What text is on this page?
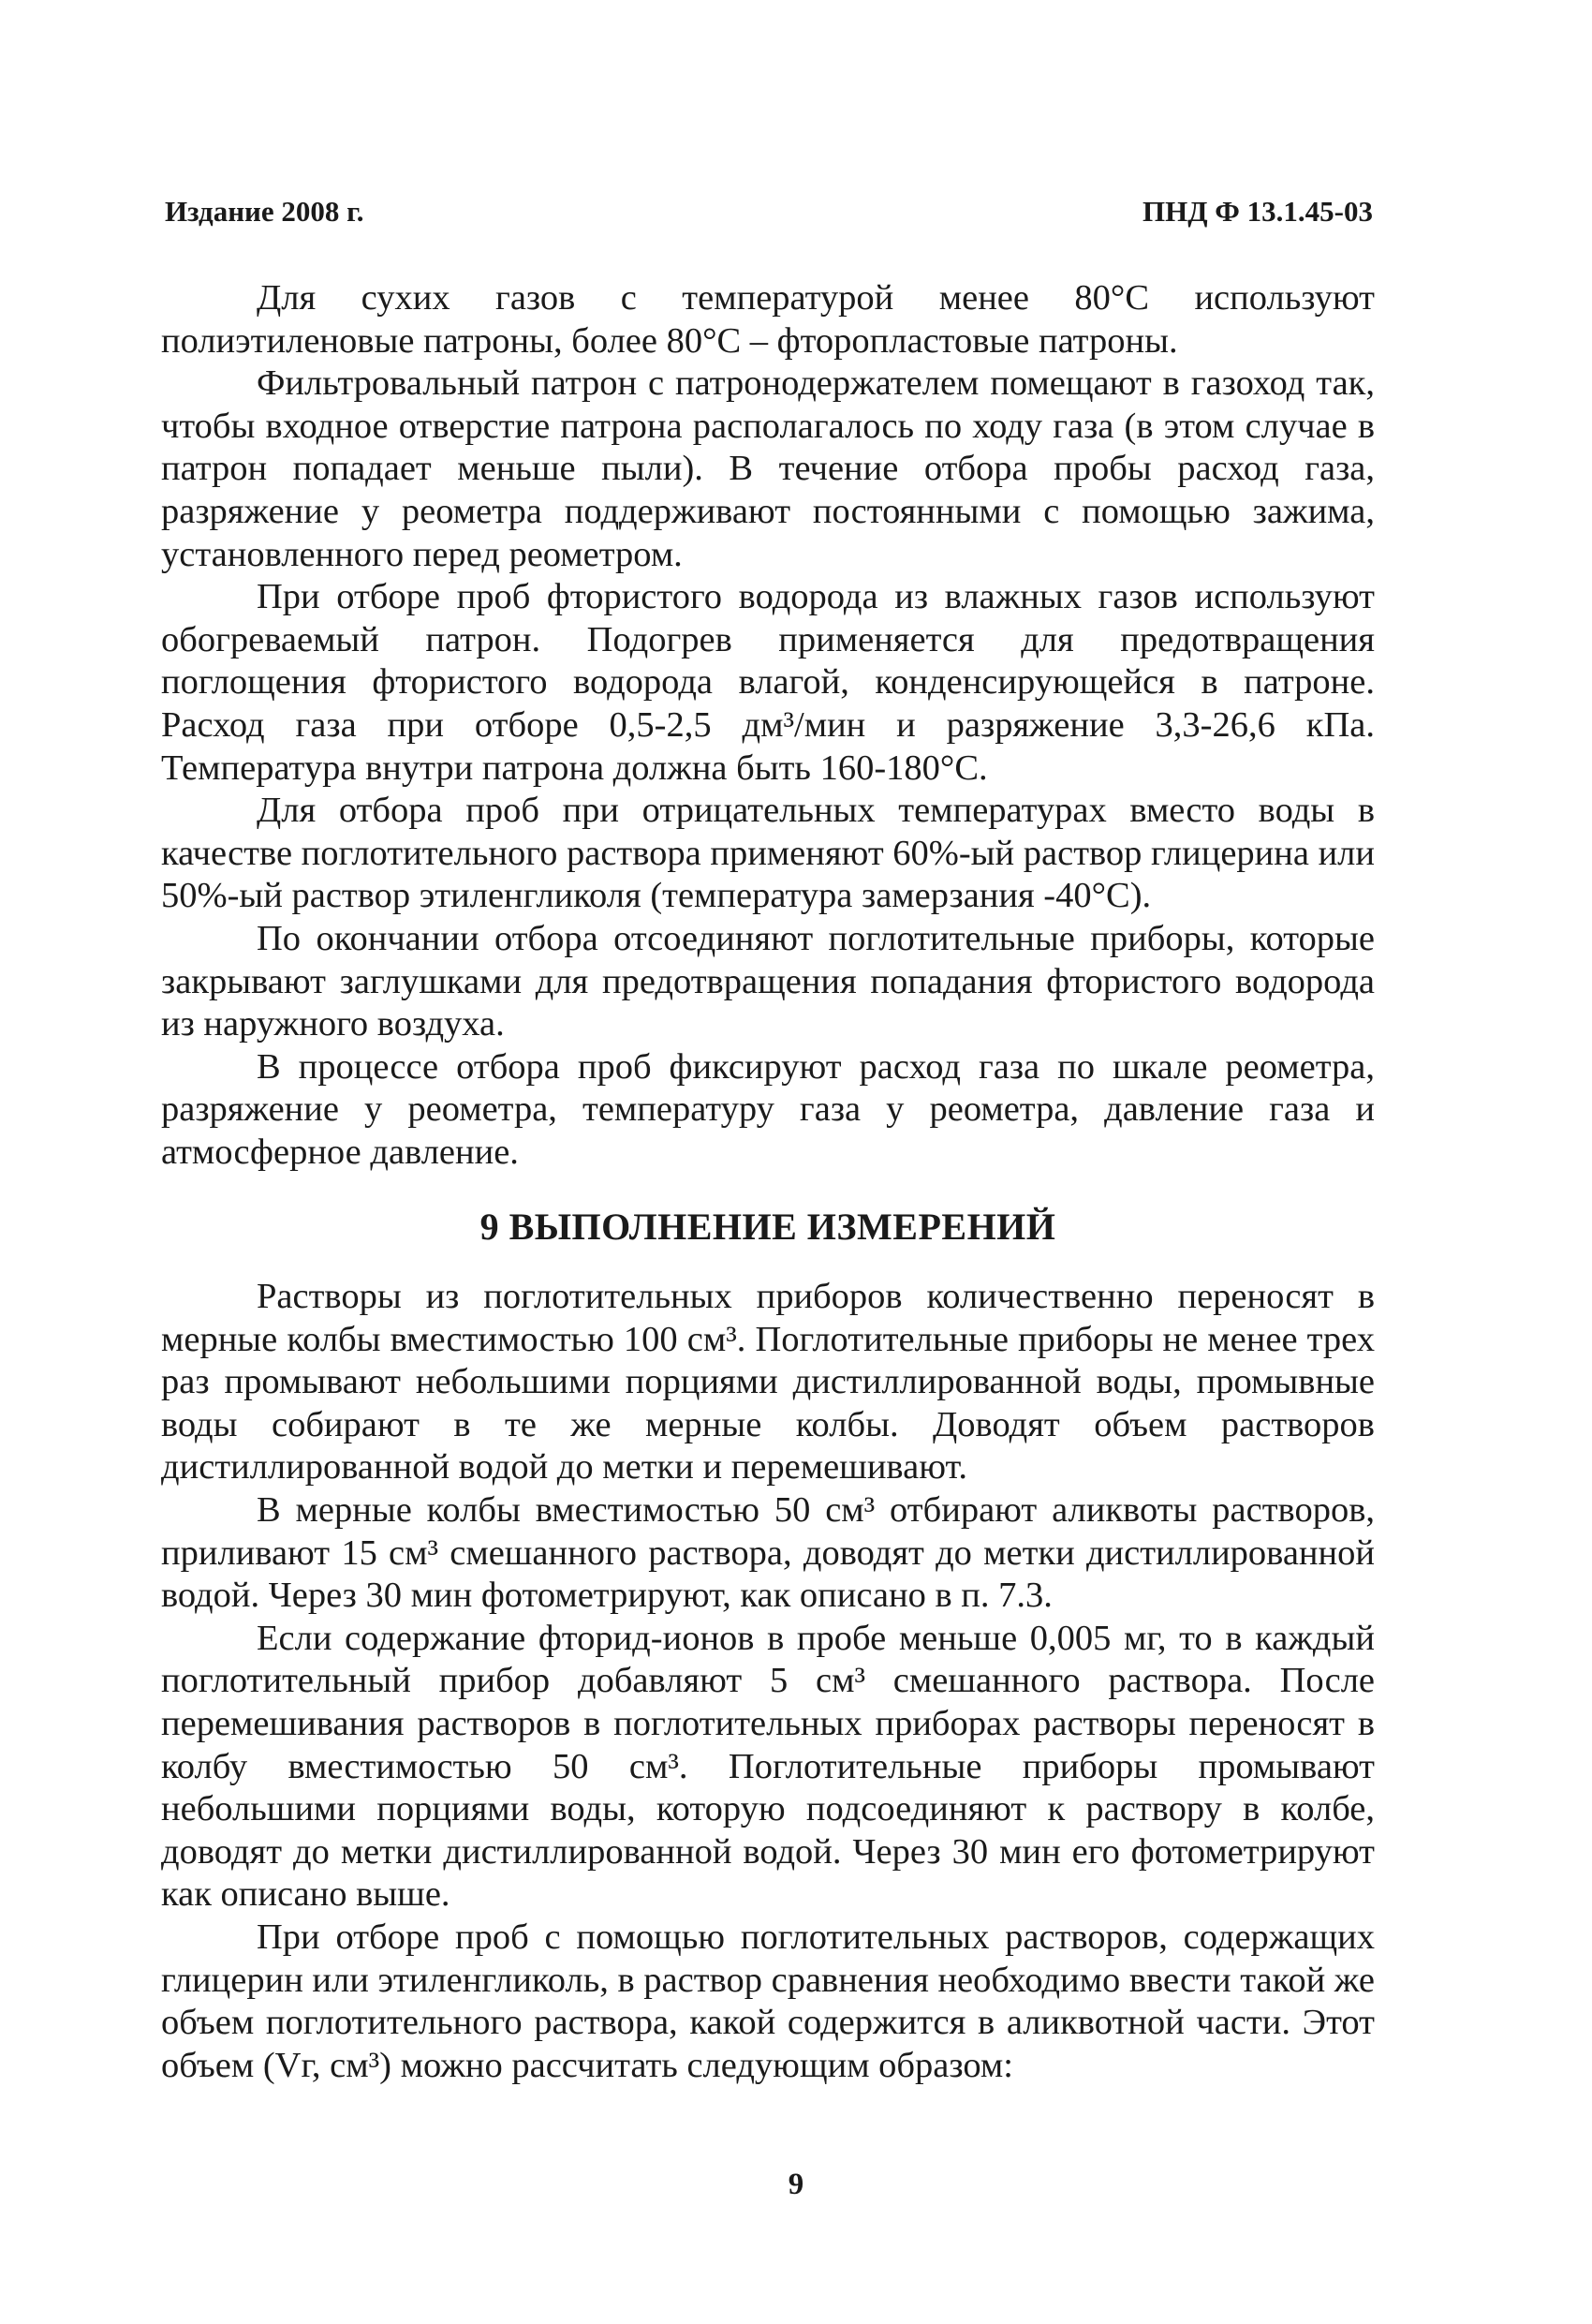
Издание 2008 г.	ПНД Ф 13.1.45-03

Для сухих газов с температурой менее 80°С используют полиэтиленовые патроны, более 80°С – фторопластовые патроны.

Фильтровальный патрон с патронодержателем помещают в газоход так, чтобы входное отверстие патрона располагалось по ходу газа (в этом случае в патрон попадает меньше пыли). В течение отбора пробы расход газа, разряжение у реометра поддерживают постоянными с помощью зажима, установленного перед реометром.

При отборе проб фтористого водорода из влажных газов используют обогреваемый патрон. Подогрев применяется для предотвращения поглощения фтористого водорода влагой, конденсирующейся в патроне. Расход газа при отборе 0,5-2,5 дм³/мин и разряжение 3,3-26,6 кПа. Температура внутри патрона должна быть 160-180°С.

Для отбора проб при отрицательных температурах вместо воды в качестве поглотительного раствора применяют 60%-ый раствор глицерина или 50%-ый раствор этиленгликоля (температура замерзания -40°С).

По окончании отбора отсоединяют поглотительные приборы, которые закрывают заглушками для предотвращения попадания фтористого водорода из наружного воздуха.

В процессе отбора проб фиксируют расход газа по шкале реометра, разряжение у реометра, температуру газа у реометра, давление газа и атмосферное давление.

9 ВЫПОЛНЕНИЕ ИЗМЕРЕНИЙ

Растворы из поглотительных приборов количественно переносят в мерные колбы вместимостью 100 см³. Поглотительные приборы не менее трех раз промывают небольшими порциями дистиллированной воды, промывные воды собирают в те же мерные колбы. Доводят объем растворов дистиллированной водой до метки и перемешивают.

В мерные колбы вместимостью 50 см³ отбирают аликвоты растворов, приливают 15 см³ смешанного раствора, доводят до метки дистиллированной водой. Через 30 мин фотометрируют, как описано в п. 7.3.

Если содержание фторид-ионов в пробе меньше 0,005 мг, то в каждый поглотительный прибор добавляют 5 см³ смешанного раствора. После перемешивания растворов в поглотительных приборах растворы переносят в колбу вместимостью 50 см³. Поглотительные приборы промывают небольшими порциями воды, которую подсоединяют к раствору в колбе, доводят до метки дистиллированной водой. Через 30 мин его фотометрируют как описано выше.

При отборе проб с помощью поглотительных растворов, содержащих глицерин или этиленгликоль, в раствор сравнения необходимо ввести такой же объем поглотительного раствора, какой содержится в аликвотной части. Этот объем (Vг, см³) можно рассчитать следующим образом:

9
